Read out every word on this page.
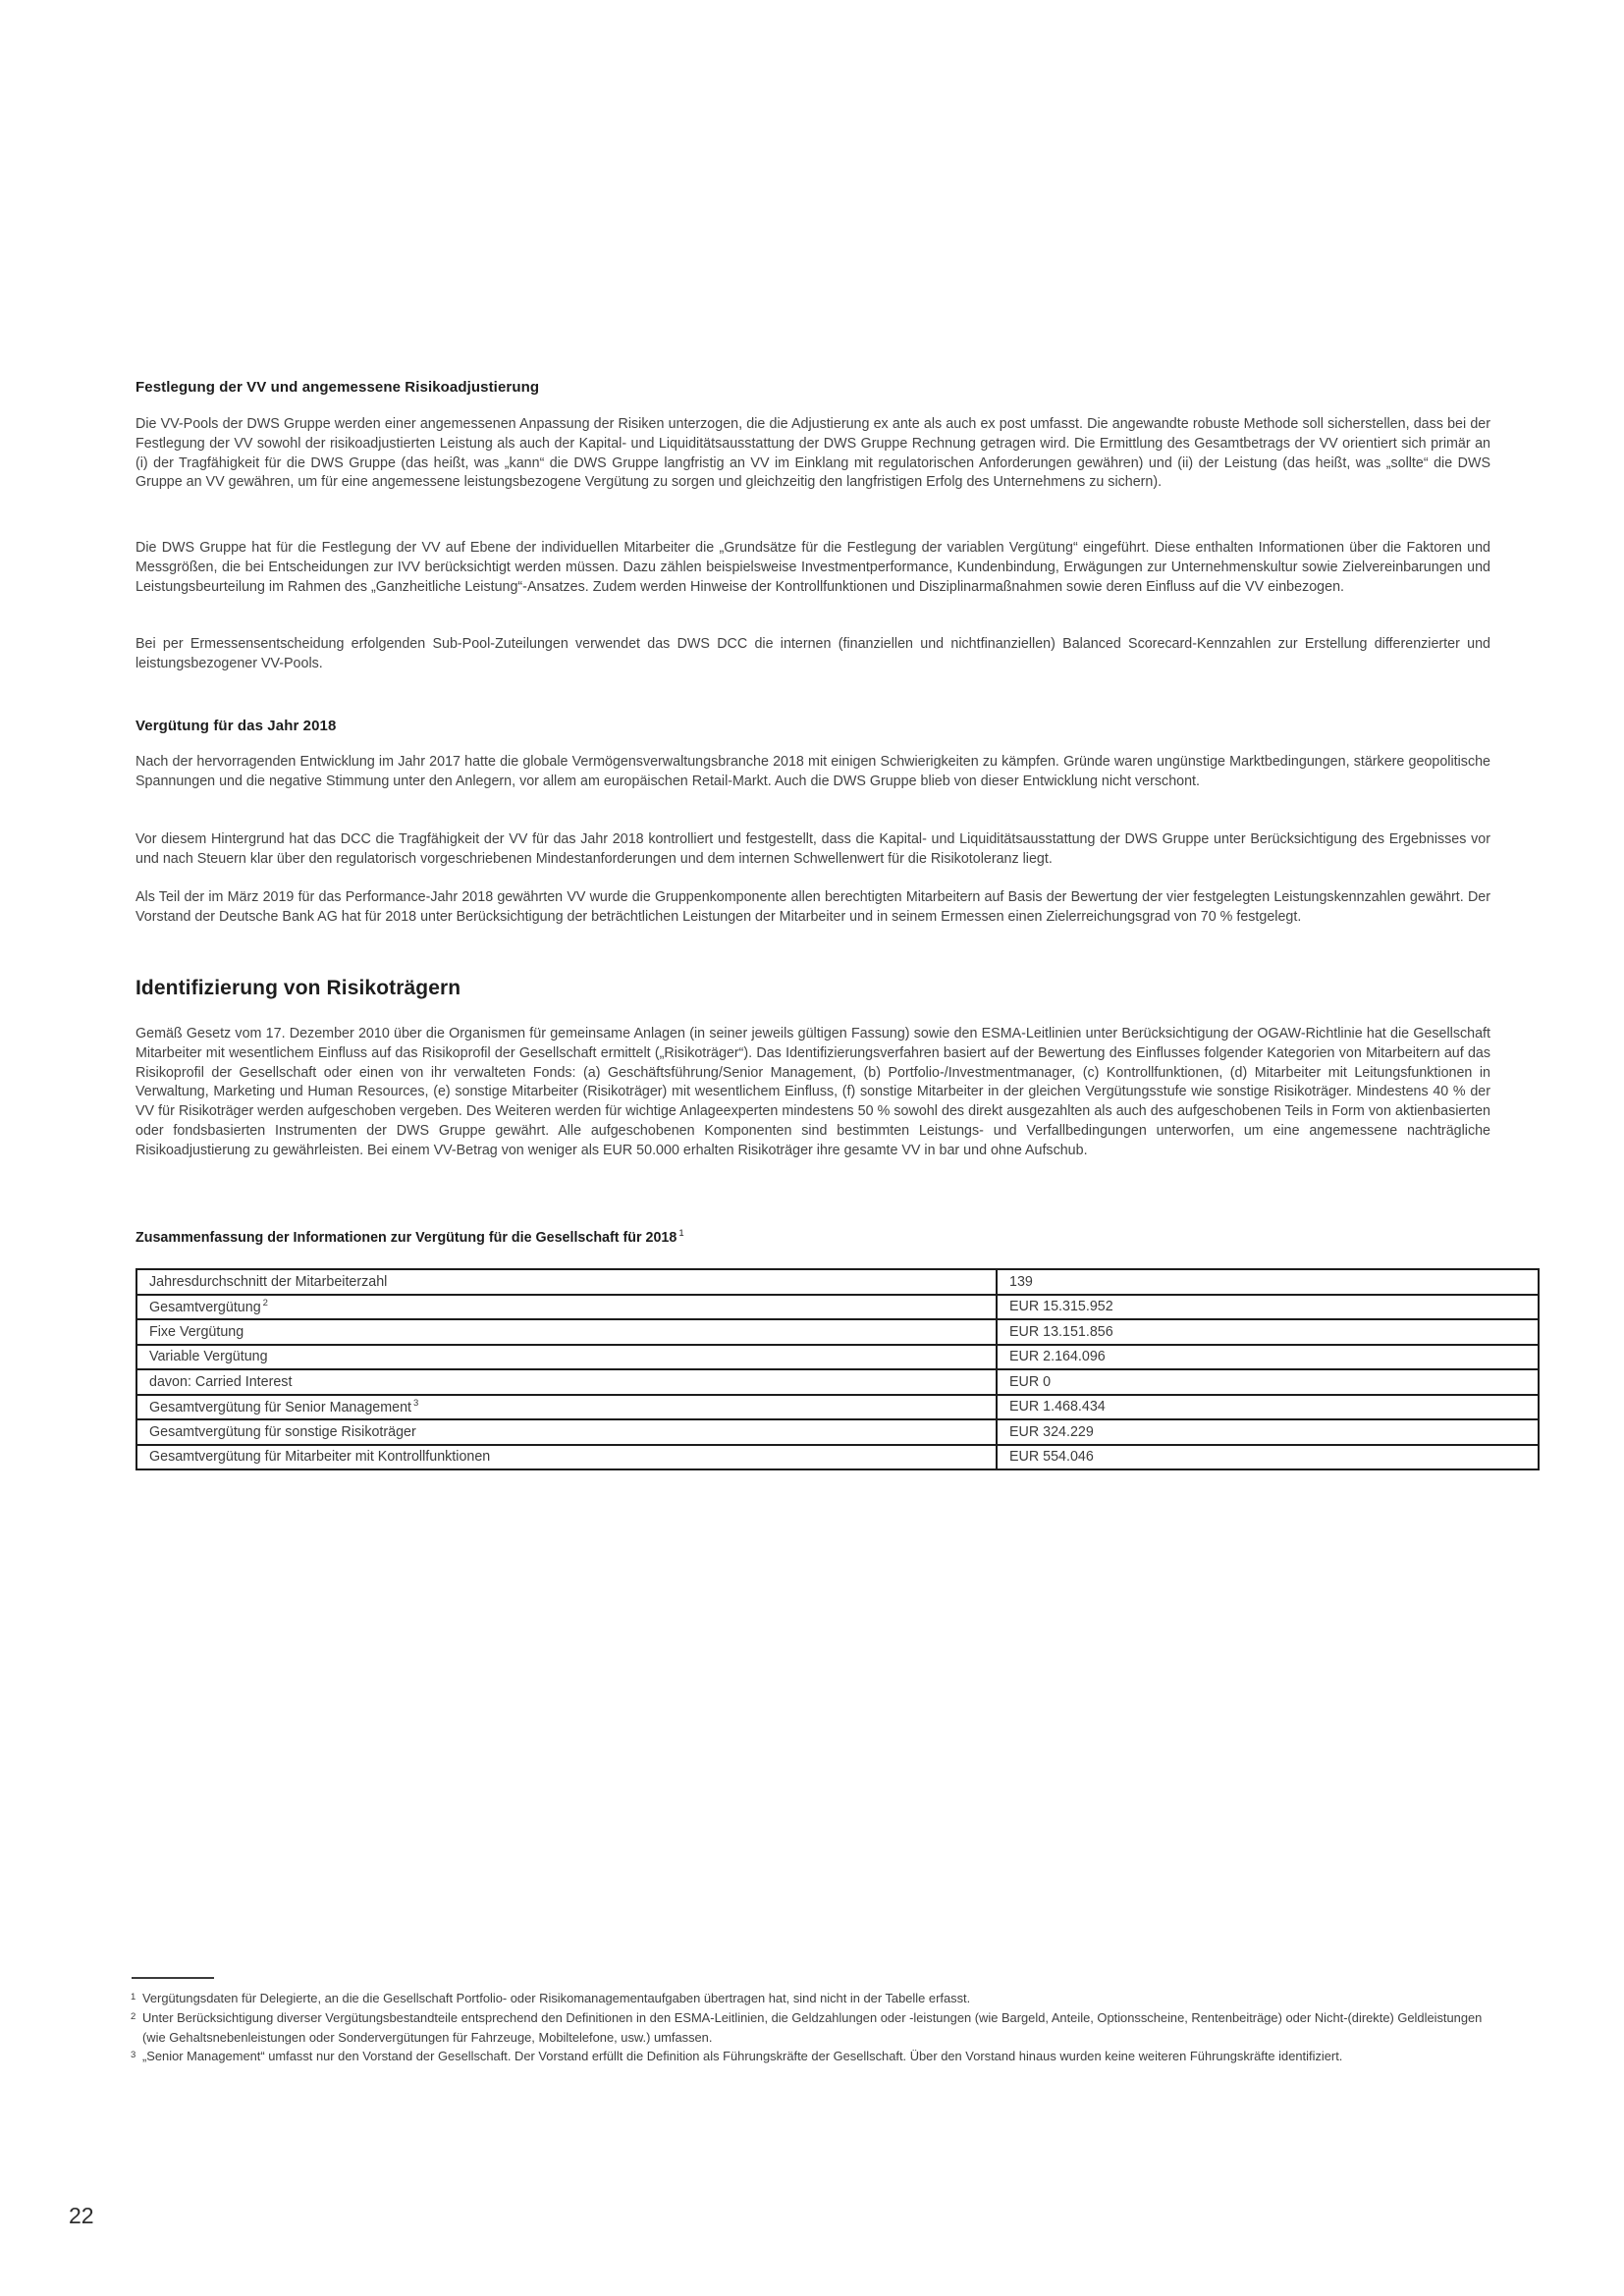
Festlegung der VV und angemessene Risikoadjustierung

Die VV-Pools der DWS Gruppe werden einer angemessenen Anpassung der Risiken unterzogen, die die Adjustierung ex ante als auch ex post umfasst. Die angewandte robuste Methode soll sicherstellen, dass bei der Festlegung der VV sowohl der risikoadjustierten Leistung als auch der Kapital- und Liquiditätsausstattung der DWS Gruppe Rechnung getragen wird. Die Ermittlung des Gesamtbetrags der VV orientiert sich primär an (i) der Tragfähigkeit für die DWS Gruppe (das heißt, was „kann“ die DWS Gruppe langfristig an VV im Einklang mit regulatorischen Anforderungen gewähren) und (ii) der Leistung (das heißt, was „sollte“ die DWS Gruppe an VV gewähren, um für eine angemessene leistungsbezogene Vergütung zu sorgen und gleichzeitig den langfristigen Erfolg des Unternehmens zu sichern).

Die DWS Gruppe hat für die Festlegung der VV auf Ebene der individuellen Mitarbeiter die „Grundsätze für die Festlegung der variablen Vergütung“ eingeführt. Diese enthalten Informationen über die Faktoren und Messgrößen, die bei Entscheidungen zur IVV berücksichtigt werden müssen. Dazu zählen beispielsweise Investmentperformance, Kundenbindung, Erwägungen zur Unternehmenskultur sowie Zielvereinbarungen und Leistungsbeurteilung im Rahmen des „Ganzheitliche Leistung“-Ansatzes. Zudem werden Hinweise der Kontrollfunktionen und Disziplinarmaßnahmen sowie deren Einfluss auf die VV einbezogen.

Bei per Ermessensentscheidung erfolgenden Sub-Pool-Zuteilungen verwendet das DWS DCC die internen (finanziellen und nichtfinanziellen) Balanced Scorecard-Kennzahlen zur Erstellung differenzierter und leistungsbezogener VV-Pools.

Vergütung für das Jahr 2018

Nach der hervorragenden Entwicklung im Jahr 2017 hatte die globale Vermögensverwaltungsbranche 2018 mit einigen Schwierigkeiten zu kämpfen. Gründe waren ungünstige Marktbedingungen, stärkere geopolitische Spannungen und die negative Stimmung unter den Anlegern, vor allem am europäischen Retail-Markt. Auch die DWS Gruppe blieb von dieser Entwicklung nicht verschont.

Vor diesem Hintergrund hat das DCC die Tragfähigkeit der VV für das Jahr 2018 kontrolliert und festgestellt, dass die Kapital- und Liquiditätsausstattung der DWS Gruppe unter Berücksichtigung des Ergebnisses vor und nach Steuern klar über den regulatorisch vorgeschriebenen Mindestanforderungen und dem internen Schwellenwert für die Risikotoleranz liegt.

Als Teil der im März 2019 für das Performance-Jahr 2018 gewährten VV wurde die Gruppenkomponente allen berechtigten Mitarbeitern auf Basis der Bewertung der vier festgelegten Leistungskennzahlen gewährt. Der Vorstand der Deutsche Bank AG hat für 2018 unter Berücksichtigung der beträchtlichen Leistungen der Mitarbeiter und in seinem Ermessen einen Zielerreichungsgrad von 70 % festgelegt.

Identifizierung von Risikoträgern

Gemäß Gesetz vom 17. Dezember 2010 über die Organismen für gemeinsame Anlagen (in seiner jeweils gültigen Fassung) sowie den ESMA-Leitlinien unter Berücksichtigung der OGAW-Richtlinie hat die Gesellschaft Mitarbeiter mit wesentlichem Einfluss auf das Risikoprofil der Gesellschaft ermittelt („Risikoträger“). Das Identifizierungsverfahren basiert auf der Bewertung des Einflusses folgender Kategorien von Mitarbeitern auf das Risikoprofil der Gesellschaft oder einen von ihr verwalteten Fonds: (a) Geschäftsführung/Senior Management, (b) Portfolio-/Investmentmanager, (c) Kontrollfunktionen, (d) Mitarbeiter mit Leitungsfunktionen in Verwaltung, Marketing und Human Resources, (e) sonstige Mitarbeiter (Risikoträger) mit wesentlichem Einfluss, (f) sonstige Mitarbeiter in der gleichen Vergütungsstufe wie sonstige Risikoträger. Mindestens 40 % der VV für Risikoträger werden aufgeschoben vergeben. Des Weiteren werden für wichtige Anlageexperten mindestens 50 % sowohl des direkt ausgezahlten als auch des aufgeschobenen Teils in Form von aktienbasierten oder fondsbasierten Instrumenten der DWS Gruppe gewährt. Alle aufgeschobenen Komponenten sind bestimmten Leistungs- und Verfallbedingungen unterworfen, um eine angemessene nachträgliche Risikoadjustierung zu gewährleisten. Bei einem VV-Betrag von weniger als EUR 50.000 erhalten Risikoträger ihre gesamte VV in bar und ohne Aufschub.

Zusammenfassung der Informationen zur Vergütung für die Gesellschaft für 2018 $^1$
Jahresdurchschnitt der Mitarbeiterzahl	139
Gesamtvergütung $^2$	EUR 15.315.952
Fixe Vergütung	EUR 13.151.856
Variable Vergütung	EUR 2.164.096
davon: Carried Interest	EUR 0
Gesamtvergütung für Senior Management $^3$	EUR 1.468.434
Gesamtvergütung für sonstige Risikoträger	EUR 324.229
Gesamtvergütung für Mitarbeiter mit Kontrollfunktionen	EUR 554.046
1 Vergütungsdaten für Delegierte, an die die Gesellschaft Portfolio- oder Risikomanagementaufgaben übertragen hat, sind nicht in der Tabelle erfasst.
2 Unter Berücksichtigung diverser Vergütungsbestandteile entsprechend den Definitionen in den ESMA-Leitlinien, die Geldzahlungen oder -leistungen (wie Bargeld, Anteile, Optionsscheine, Rentenbeiträge) oder Nicht-(direkte) Geldleistungen (wie Gehaltsnebenleistungen oder Sondervergütungen für Fahrzeuge, Mobiltelefone, usw.) umfassen.
3 „Senior Management“ umfasst nur den Vorstand der Gesellschaft. Der Vorstand erfüllt die Definition als Führungskräfte der Gesellschaft. Über den Vorstand hinaus wurden keine weiteren Führungskräfte identifiziert.
22
